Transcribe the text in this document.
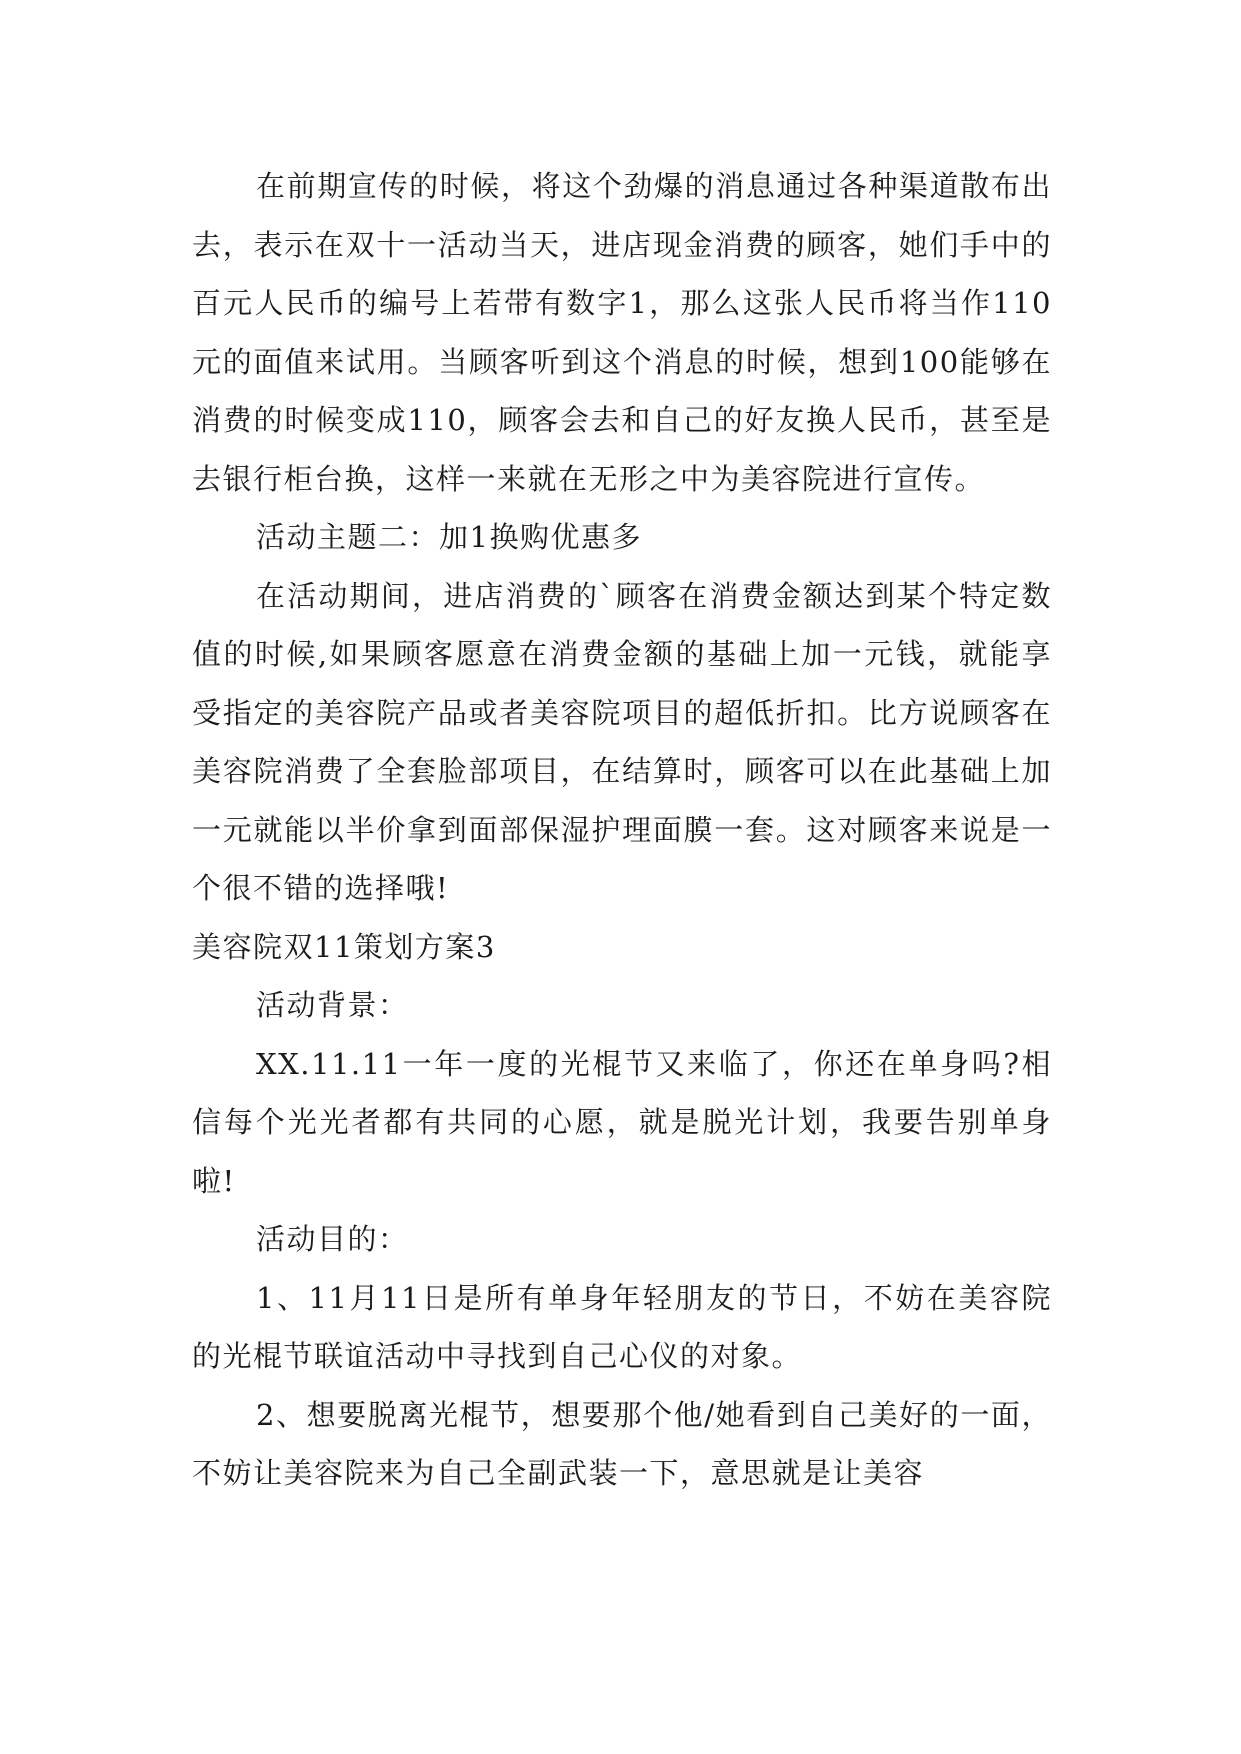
在前期宣传的时候，将这个劲爆的消息通过各种渠道散布出去，表示在双十一活动当天，进店现金消费的顾客，她们手中的百元人民币的编号上若带有数字1，那么这张人民币将当作110元的面值来试用。当顾客听到这个消息的时候，想到100能够在消费的时候变成110，顾客会去和自己的好友换人民币，甚至是去银行柜台换，这样一来就在无形之中为美容院进行宣传。

活动主题二：加1换购优惠多

在活动期间，进店消费的`顾客在消费金额达到某个特定数值的时候,如果顾客愿意在消费金额的基础上加一元钱，就能享受指定的美容院产品或者美容院项目的超低折扣。比方说顾客在美容院消费了全套脸部项目，在结算时，顾客可以在此基础上加一元就能以半价拿到面部保湿护理面膜一套。这对顾客来说是一个很不错的选择哦!

美容院双11策划方案3

活动背景：

XX.11.11一年一度的光棍节又来临了，你还在单身吗?相信每个光光者都有共同的心愿，就是脱光计划，我要告别单身啦!

活动目的：

1、11月11日是所有单身年轻朋友的节日，不妨在美容院的光棍节联谊活动中寻找到自己心仪的对象。

2、想要脱离光棍节，想要那个他/她看到自己美好的一面，不妨让美容院来为自己全副武装一下，意思就是让美容
